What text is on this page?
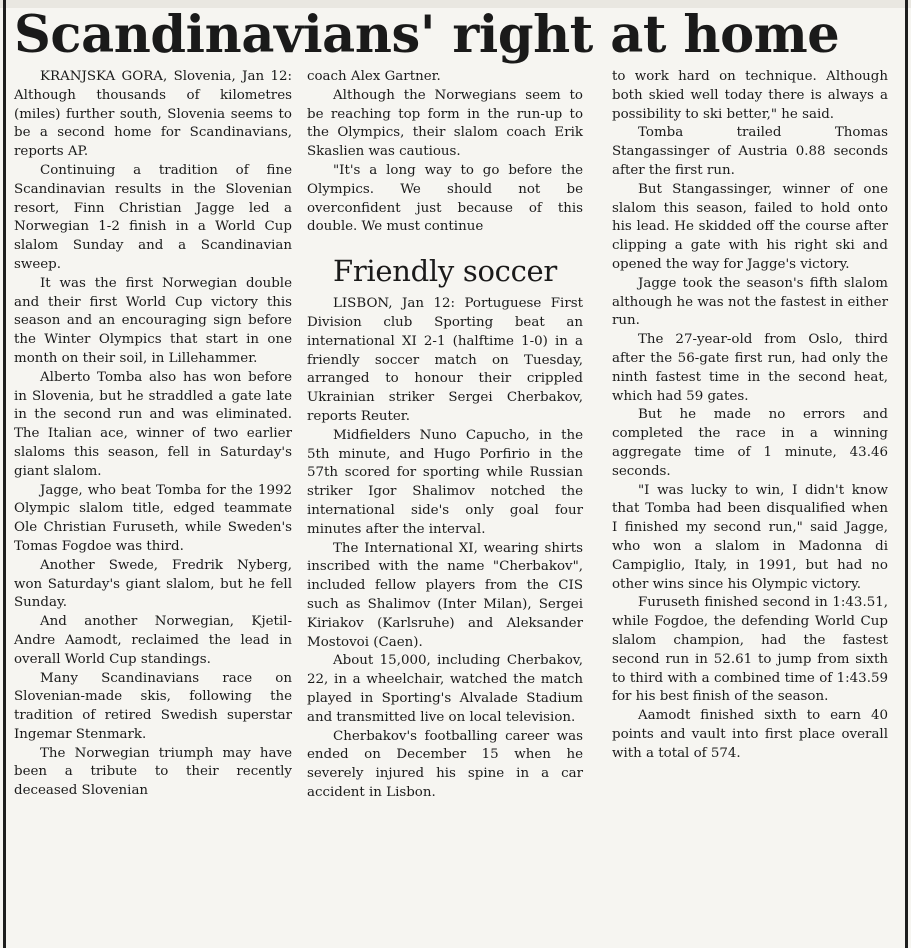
Scandinavians' right at home

KRANJSKA GORA, Slovenia, Jan 12: Although thousands of kilometres (miles) further south, Slovenia seems to be a second home for Scandinavians, reports AP.

Continuing a tradition of fine Scandinavian results in the Slovenian resort, Finn Christian Jagge led a Norwegian 1-2 finish in a World Cup slalom Sunday and a Scandinavian sweep.

It was the first Norwegian double and their first World Cup victory this season and an encouraging sign before the Winter Olympics that start in one month on their soil, in Lillehammer.

Alberto Tomba also has won before in Slovenia, but he straddled a gate late in the second run and was eliminated. The Italian ace, winner of two earlier slaloms this season, fell in Saturday's giant slalom.

Jagge, who beat Tomba for the 1992 Olympic slalom title, edged teammate Ole Christian Furuseth, while Sweden's Tomas Fogdoe was third.

Another Swede, Fredrik Nyberg, won Saturday's giant slalom, but he fell Sunday.

And another Norwegian, Kjetil-Andre Aamodt, reclaimed the lead in overall World Cup standings.

Many Scandinavians race on Slovenian-made skis, following the tradition of retired Swedish superstar Ingemar Stenmark.

The Norwegian triumph may have been a tribute to their recently deceased Slovenian

coach Alex Gartner.

Although the Norwegians seem to be reaching top form in the run-up to the Olympics, their slalom coach Erik Skaslien was cautious.

"It's a long way to go before the Olympics. We should not be overconfident just because of this double. We must continue

Friendly soccer

LISBON, Jan 12: Portuguese First Division club Sporting beat an international XI 2-1 (halftime 1-0) in a friendly soccer match on Tuesday, arranged to honour their crippled Ukrainian striker Sergei Cherbakov, reports Reuter.

Midfielders Nuno Capucho, in the 5th minute, and Hugo Porfirio in the 57th scored for sporting while Russian striker Igor Shalimov notched the international side's only goal four minutes after the interval.

The International XI, wearing shirts inscribed with the name "Cherbakov", included fellow players from the CIS such as Shalimov (Inter Milan), Sergei Kiriakov (Karlsruhe) and Aleksander Mostovoi (Caen).

About 15,000, including Cherbakov, 22, in a wheelchair, watched the match played in Sporting's Alvalade Stadium and transmitted live on local television.

Cherbakov's footballing career was ended on December 15 when he severely injured his spine in a car accident in Lisbon.

to work hard on technique. Although both skied well today there is always a possibility to ski better," he said.

Tomba trailed Thomas Stangassinger of Austria 0.88 seconds after the first run.

But Stangassinger, winner of one slalom this season, failed to hold onto his lead. He skidded off the course after clipping a gate with his right ski and opened the way for Jagge's victory.

Jagge took the season's fifth slalom although he was not the fastest in either run.

The 27-year-old from Oslo, third after the 56-gate first run, had only the ninth fastest time in the second heat, which had 59 gates.

But he made no errors and completed the race in a winning aggregate time of 1 minute, 43.46 seconds.

"I was lucky to win, I didn't know that Tomba had been disqualified when I finished my second run," said Jagge, who won a slalom in Madonna di Campiglio, Italy, in 1991, but had no other wins since his Olympic victory.

Furuseth finished second in 1:43.51, while Fogdoe, the defending World Cup slalom champion, had the fastest second run in 52.61 to jump from sixth to third with a combined time of 1:43.59 for his best finish of the season.

Aamodt finished sixth to earn 40 points and vault into first place overall with a total of 574.
